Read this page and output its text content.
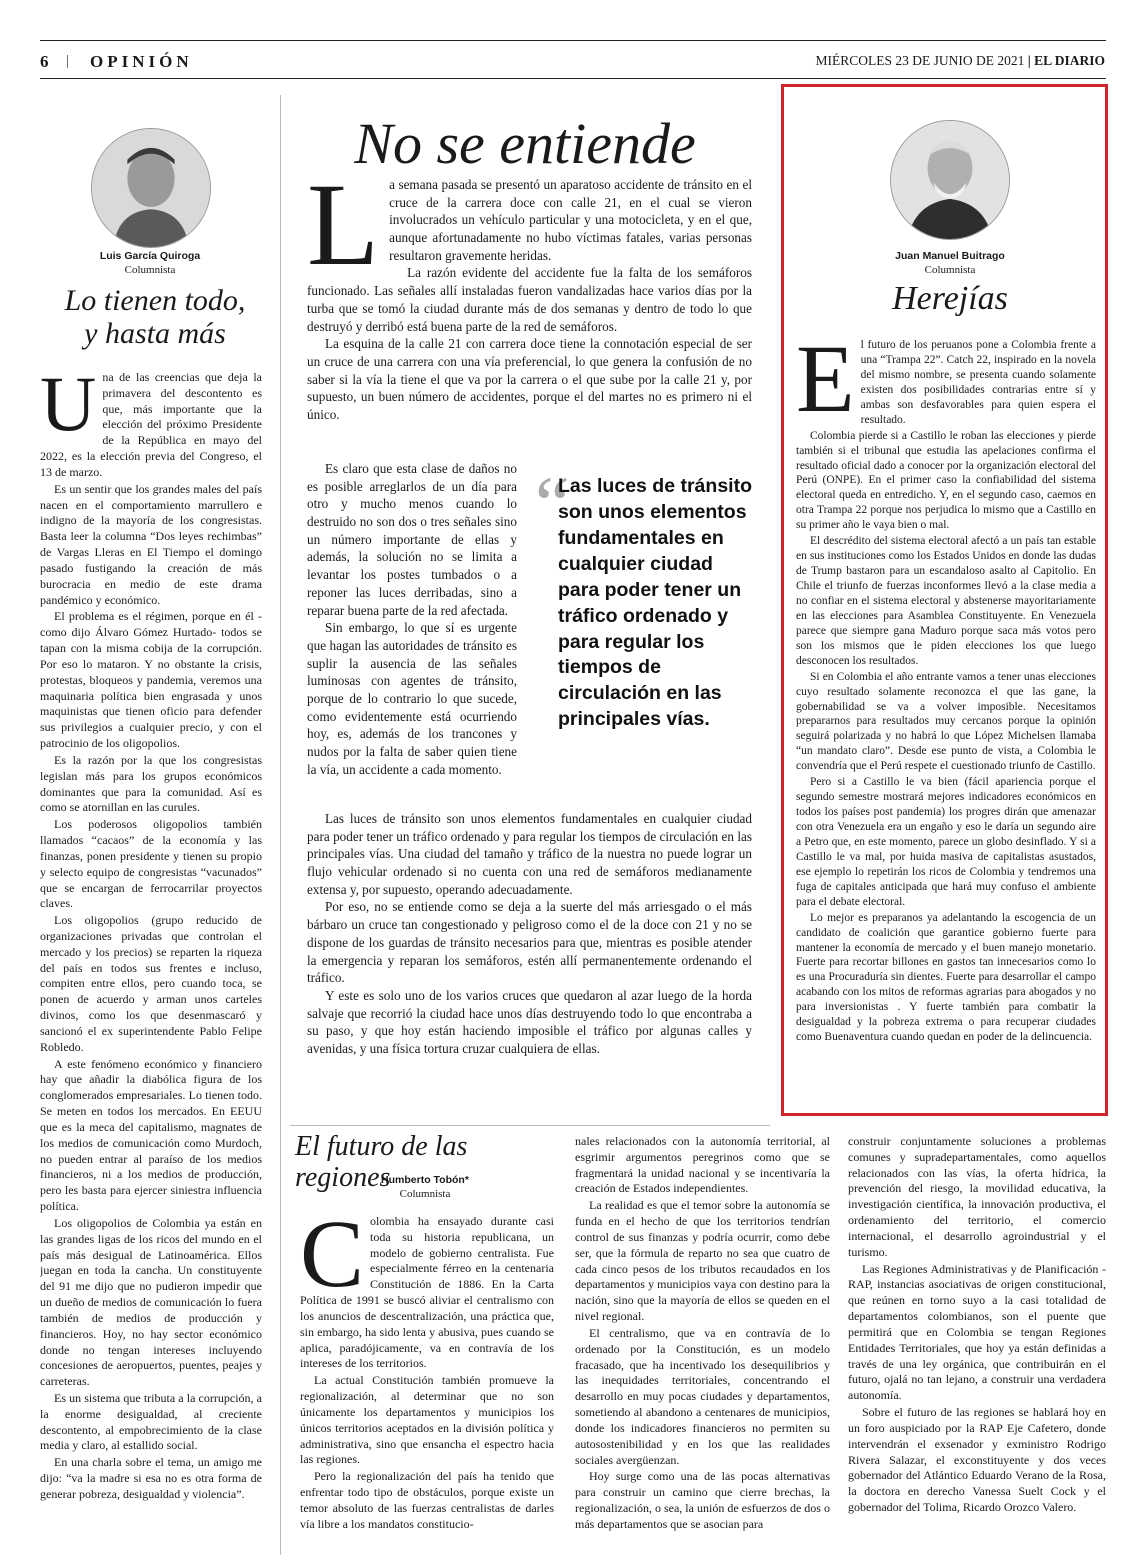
6 | OPINIÓN	MIÉRCOLES 23 DE JUNIO DE 2021 | EL DIARIO
Luis García Quiroga
Columnista
Lo tienen todo,
y hasta más
U na de las creencias que deja la primavera del descontento es que, más importante que la elección del próximo Presidente de la República en mayo del 2022, es la elección previa del Congreso, el 13 de marzo.

Es un sentir que los grandes males del país nacen en el comportamiento marrullero e indigno de la mayoría de los congresistas. Basta leer la columna “Dos leyes rechimbas” de Vargas Lleras en El Tiempo el domingo pasado fustigando la creación de más burocracia en medio de este drama pandémico y económico.

El problema es el régimen, porque en él -como dijo Álvaro Gómez Hurtado- todos se tapan con la misma cobija de la corrupción. Por eso lo mataron. Y no obstante la crisis, protestas, bloqueos y pandemia, veremos una maquinaria política bien engrasada y unos maquinistas que tienen oficio para defender sus privilegios a cualquier precio, y con el patrocinio de los oligopolios.

Es la razón por la que los congresistas legislan más para los grupos económicos dominantes que para la comunidad. Así es como se atornillan en las curules.

Los poderosos oligopolios también llamados “cacaos” de la economía y las finanzas, ponen presidente y tienen su propio y selecto equipo de congresistas “vacunados” que se encargan de ferrocarrilar proyectos claves.

Los oligopolios (grupo reducido de organizaciones privadas que controlan el mercado y los precios) se reparten la riqueza del país en todos sus frentes e incluso, compiten entre ellos, pero cuando toca, se ponen de acuerdo y arman unos carteles divinos, como los que desenmascaró y sancionó el ex superintendente Pablo Felipe Robledo.

A este fenómeno económico y financiero hay que añadir la diabólica figura de los conglomerados empresariales. Lo tienen todo. Se meten en todos los mercados. En EEUU que es la meca del capitalismo, magnates de los medios de comunicación como Murdoch, no pueden entrar al paraíso de los medios financieros, ni a los medios de producción, pero les basta para ejercer siniestra influencia política.

Los oligopolios de Colombia ya están en las grandes ligas de los ricos del mundo en el país más desigual de Latinoamérica. Ellos juegan en toda la cancha. Un constituyente del 91 me dijo que no pudieron impedir que un dueño de medios de comunicación lo fuera también de medios de producción y financieros. Hoy, no hay sector económico donde no tengan intereses incluyendo concesiones de aeropuertos, puentes, peajes y carreteras.

Es un sistema que tributa a la corrupción, a la enorme desigualdad, al creciente descontento, al empobrecimiento de la clase media y claro, al estallido social.

En una charla sobre el tema, un amigo me dijo: “va la madre si esa no es otra forma de generar pobreza, desigualdad y violencia”.

No se entiende
L a semana pasada se presentó un aparatoso accidente de tránsito en el cruce de la carrera doce con calle 21, en el cual se vieron involucrados un vehículo particular y una motocicleta, y en el que, aunque afortunadamente no hubo víctimas fatales, varias personas resultaron gravemente heridas.

La razón evidente del accidente fue la falta de los semáforos funcionado. Las señales allí instaladas fueron vandalizadas hace varios días por la turba que se tomó la ciudad durante más de dos semanas y dentro de todo lo que destruyó y derribó está buena parte de la red de semáforos.

La esquina de la calle 21 con carrera doce tiene la connotación especial de ser un cruce de una carrera con una vía preferencial, lo que genera la confusión de no saber si la vía la tiene el que va por la carrera o el que sube por la calle 21 y, por supuesto, un buen número de accidentes, porque el del martes no es primero ni el único.

Es claro que esta clase de daños no es posible arreglarlos de un día para otro y mucho menos cuando lo destruido no son dos o tres señales sino un número importante de ellas y además, la solución no se limita a levantar los postes tumbados o a reponer las luces derribadas, sino a reparar buena parte de la red afectada.

Sin embargo, lo que sí es urgente que hagan las autoridades de tránsito es suplir la ausencia de las señales luminosas con agentes de tránsito, porque de lo contrario lo que sucede, como evidentemente está ocurriendo hoy, es, además de los trancones y nudos por la falta de saber quien tiene la vía, un accidente a cada momento.

“
Las luces de tránsito son unos elementos fundamentales en cualquier ciudad para poder tener un tráfico ordenado y para regular los tiempos de circulación en las principales vías.

Las luces de tránsito son unos elementos fundamentales en cualquier ciudad para poder tener un tráfico ordenado y para regular los tiempos de circulación en las principales vías. Una ciudad del tamaño y tráfico de la nuestra no puede lograr un flujo vehicular ordenado si no cuenta con una red de semáforos medianamente extensa y, por supuesto, operando adecuadamente.

Por eso, no se entiende como se deja a la suerte del más arriesgado o el más bárbaro un cruce tan congestionado y peligroso como el de la doce con 21 y no se dispone de los guardas de tránsito necesarios para que, mientras es posible atender la emergencia y reparan los semáforos, estén allí permanentemente ordenando el tráfico.

Y este es solo uno de los varios cruces que quedaron al azar luego de la horda salvaje que recorrió la ciudad hace unos días destruyendo todo lo que encontraba a su paso, y que hoy están haciendo imposible el tráfico por algunas calles y avenidas, y una física tortura cruzar cualquiera de ellas.

Juan Manuel Buitrago
Columnista
Herejías
E l futuro de los peruanos pone a Colombia frente a una “Trampa 22”. Catch 22, inspirado en la novela del mismo nombre, se presenta cuando solamente existen dos posibilidades contrarias entre sí y ambas son desfavorables para quien espera el resultado.

Colombia pierde si a Castillo le roban las elecciones y pierde también si el tribunal que estudia las apelaciones confirma el resultado oficial dado a conocer por la organización electoral del Perú (ONPE). En el primer caso la confiabilidad del sistema electoral queda en entredicho. Y, en el segundo caso, caemos en otra Trampa 22 porque nos perjudica lo mismo que a Castillo en su primer año le vaya bien o mal.

El descrédito del sistema electoral afectó a un país tan estable en sus instituciones como los Estados Unidos en donde las dudas de Trump bastaron para un escandaloso asalto al Capitolio. En Chile el triunfo de fuerzas inconformes llevó a la clase media a no confiar en el sistema electoral y abstenerse mayoritariamente en las elecciones para Asamblea Constituyente. En Venezuela parece que siempre gana Maduro porque saca más votos pero son los mismos que le piden elecciones los que luego desconocen los resultados.

Si en Colombia el año entrante vamos a tener unas elecciones cuyo resultado solamente reconozca el que las gane, la gobernabilidad se va a volver imposible. Necesitamos prepararnos para resultados muy cercanos porque la opinión seguirá polarizada y no habrá lo que López Michelsen llamaba “un mandato claro”. Desde ese punto de vista, a Colombia le convendría que el Perú respete el cuestionado triunfo de Castillo.

Pero si a Castillo le va bien (fácil apariencia porque el segundo semestre mostrará mejores indicadores económicos en todos los países post pandemia) los progres dirán que amenazar con otra Venezuela era un engaño y eso le daría un segundo aire a Petro que, en este momento, parece un globo desinflado. Y si a Castillo le va mal, por huida masiva de capitalistas asustados, ese ejemplo lo repetirán los ricos de Colombia y tendremos una fuga de capitales anticipada que hará muy confuso el ambiente para el debate electoral.

Lo mejor es preparanos ya adelantando la escogencia de un candidato de coalición que garantice gobierno fuerte para mantener la economía de mercado y el buen manejo monetario. Fuerte para recortar billones en gastos tan innecesarios como lo es una Procuraduría sin dientes. Fuerte para desarrollar el campo acabando con los mitos de reformas agrarias para abogados y no para inversionistas . Y fuerte también para combatir la desigualdad y la pobreza extrema o para recuperar ciudades como Buenaventura cuando quedan en poder de la delincuencia.

El futuro de las regiones
Humberto Tobón*
Columnista
C olombia ha ensayado durante casi toda su historia republicana, un modelo de gobierno centralista. Fue especialmente férreo en la centenaria Constitución de 1886. En la Carta Política de 1991 se buscó aliviar el centralismo con los anuncios de descentralización, una práctica que, sin embargo, ha sido lenta y abusiva, pues cuando se aplica, paradójicamente, va en contravía de los intereses de los territorios.

La actual Constitución también promueve la regionalización, al determinar que no son únicamente los departamentos y municipios los únicos territorios aceptados en la división política y administrativa, sino que ensancha el espectro hacia las regiones.

Pero la regionalización del país ha tenido que enfrentar todo tipo de obstáculos, porque existe un temor absoluto de las fuerzas centralistas de darles vía libre a los mandatos constitucio-

nales relacionados con la autonomía territorial, al esgrimir argumentos peregrinos como que se fragmentará la unidad nacional y se incentivaría la creación de Estados independientes.

La realidad es que el temor sobre la autonomía se funda en el hecho de que los territorios tendrían control de sus finanzas y podría ocurrir, como debe ser, que la fórmula de reparto no sea que cuatro de cada cinco pesos de los tributos recaudados en los departamentos y municipios vaya con destino para la nación, sino que la mayoría de ellos se queden en el nivel regional.

El centralismo, que va en contravía de lo ordenado por la Constitución, es un modelo fracasado, que ha incentivado los desequilibrios y las inequidades territoriales, concentrando el desarrollo en muy pocas ciudades y departamentos, sometiendo al abandono a centenares de municipios, donde los indicadores financieros no permiten su autosostenibilidad y en los que las realidades sociales avergüenzan.

Hoy surge como una de las pocas alternativas para construir un camino que cierre brechas, la regionalización, o sea, la unión de esfuerzos de dos o más departamentos que se asocian para

construir conjuntamente soluciones a problemas comunes y supradepartamentales, como aquellos relacionados con las vías, la oferta hídrica, la prevención del riesgo, la movilidad educativa, la investigación científica, la innovación productiva, el ordenamiento del territorio, el comercio internacional, el desarrollo agroindustrial y el turismo.

Las Regiones Administrativas y de Planificación - RAP, instancias asociativas de origen constitucional, que reúnen en torno suyo a la casi totalidad de departamentos colombianos, son el puente que permitirá que en Colombia se tengan Regiones Entidades Territoriales, que hoy ya están definidas a través de una ley orgánica, que contribuirán en el futuro, ojalá no tan lejano, a construir una verdadera autonomía.

Sobre el futuro de las regiones se hablará hoy en un foro auspiciado por la RAP Eje Cafetero, donde intervendrán el exsenador y exministro Rodrigo Rivera Salazar, el exconstituyente y dos veces gobernador del Atlántico Eduardo Verano de la Rosa, la doctora en derecho Vanessa Suelt Cock y el gobernador del Tolima, Ricardo Orozco Valero.
